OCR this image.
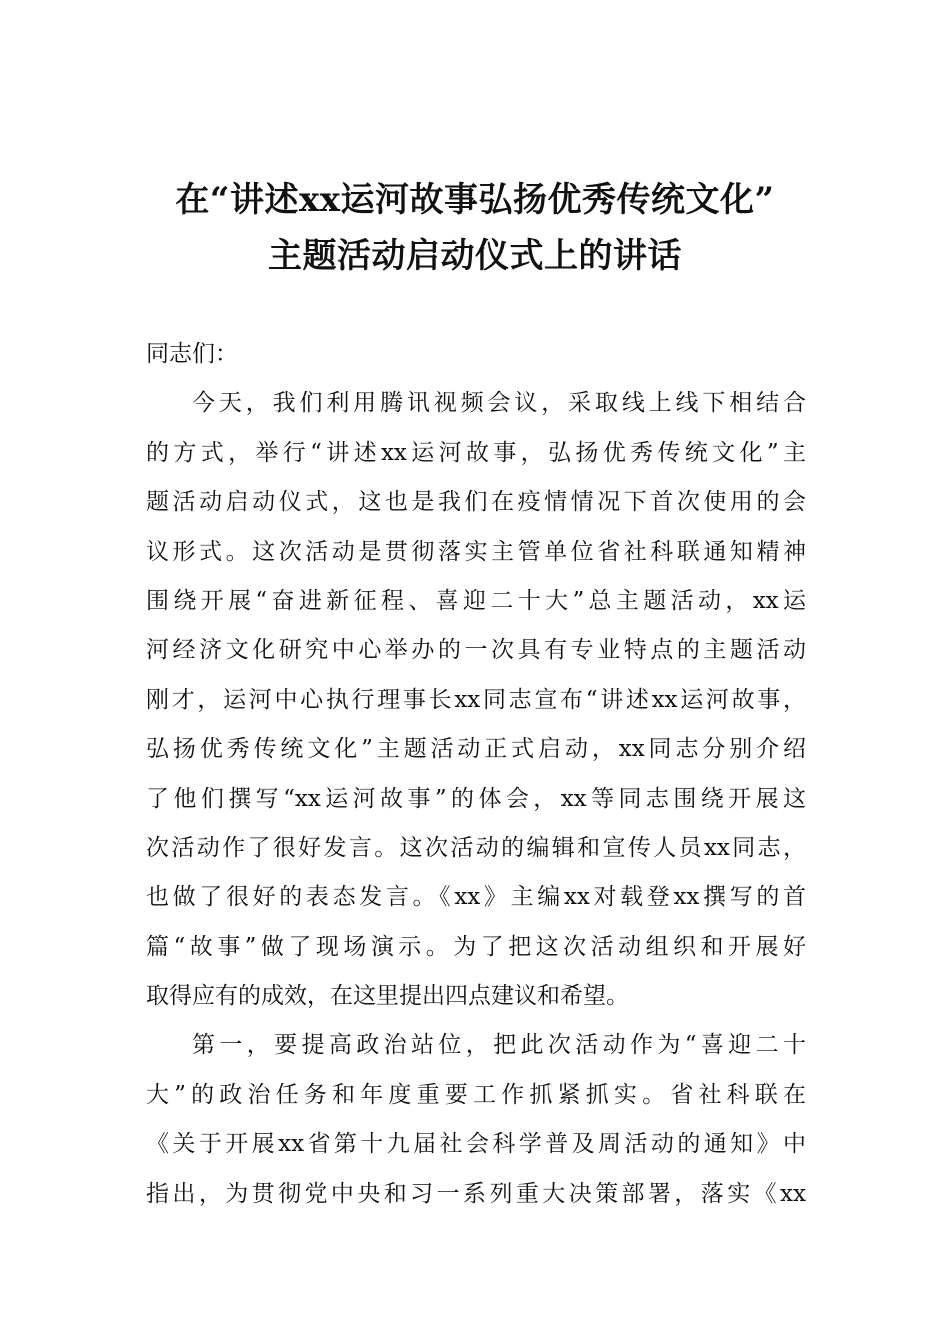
在“讲述xx运河故事弘扬优秀传统文化”
主题活动启动仪式上的讲话
同志们：
今天，我们利用腾讯视频会议，采取线上线下相结合
的方式，举行“讲述xx运河故事，弘扬优秀传统文化”主
题活动启动仪式，这也是我们在疫情情况下首次使用的会
议形式。这次活动是贯彻落实主管单位省社科联通知精神
围绕开展“奋进新征程、喜迎二十大”总主题活动，xx运
河经济文化研究中心举办的一次具有专业特点的主题活动
刚才，运河中心执行理事长xx同志宣布“讲述xx运河故事，
弘扬优秀传统文化”主题活动正式启动，xx同志分别介绍
了他们撰写“xx运河故事”的体会，xx等同志围绕开展这
次活动作了很好发言。这次活动的编辑和宣传人员xx同志，
也做了很好的表态发言。《xx》主编xx对载登xx撰写的首
篇“故事”做了现场演示。为了把这次活动组织和开展好
取得应有的成效，在这里提出四点建议和希望。
第一，要提高政治站位，把此次活动作为“喜迎二十
大”的政治任务和年度重要工作抓紧抓实。省社科联在
《关于开展xx省第十九届社会科学普及周活动的通知》中
指出，为贯彻党中央和习一系列重大决策部署，落实《xx
